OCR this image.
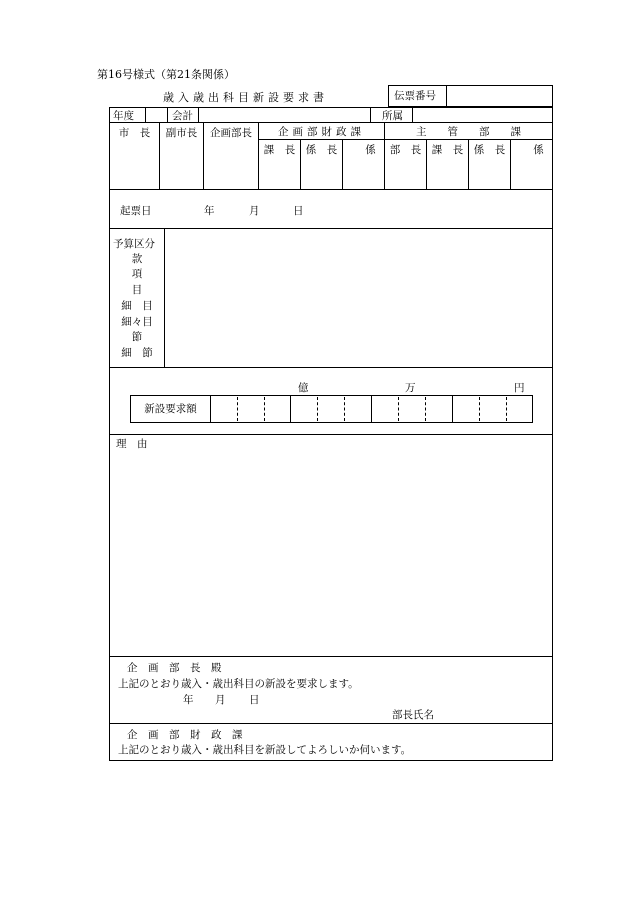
第16号様式（第21条関係）
歳入歳出科目新設要求書	伝票番号
年度	会計	所属
市　長	副市長	企画部長	企画部財政課	主　　管　　部　　課
課　長	係　長	係	部　長	課　長	係　長	係
起票日	年	月	日
予算区分
款
項
目
細　目
細々目
節
細　節
億	万	円
新設要求額
理　由
企　画　部　長　殿
上記のとおり歳入・歳出科目の新設を要求します。
年 月 日
部長氏名
企　画　部　財　政　課
上記のとおり歳入・歳出科目を新設してよろしいか伺います。
